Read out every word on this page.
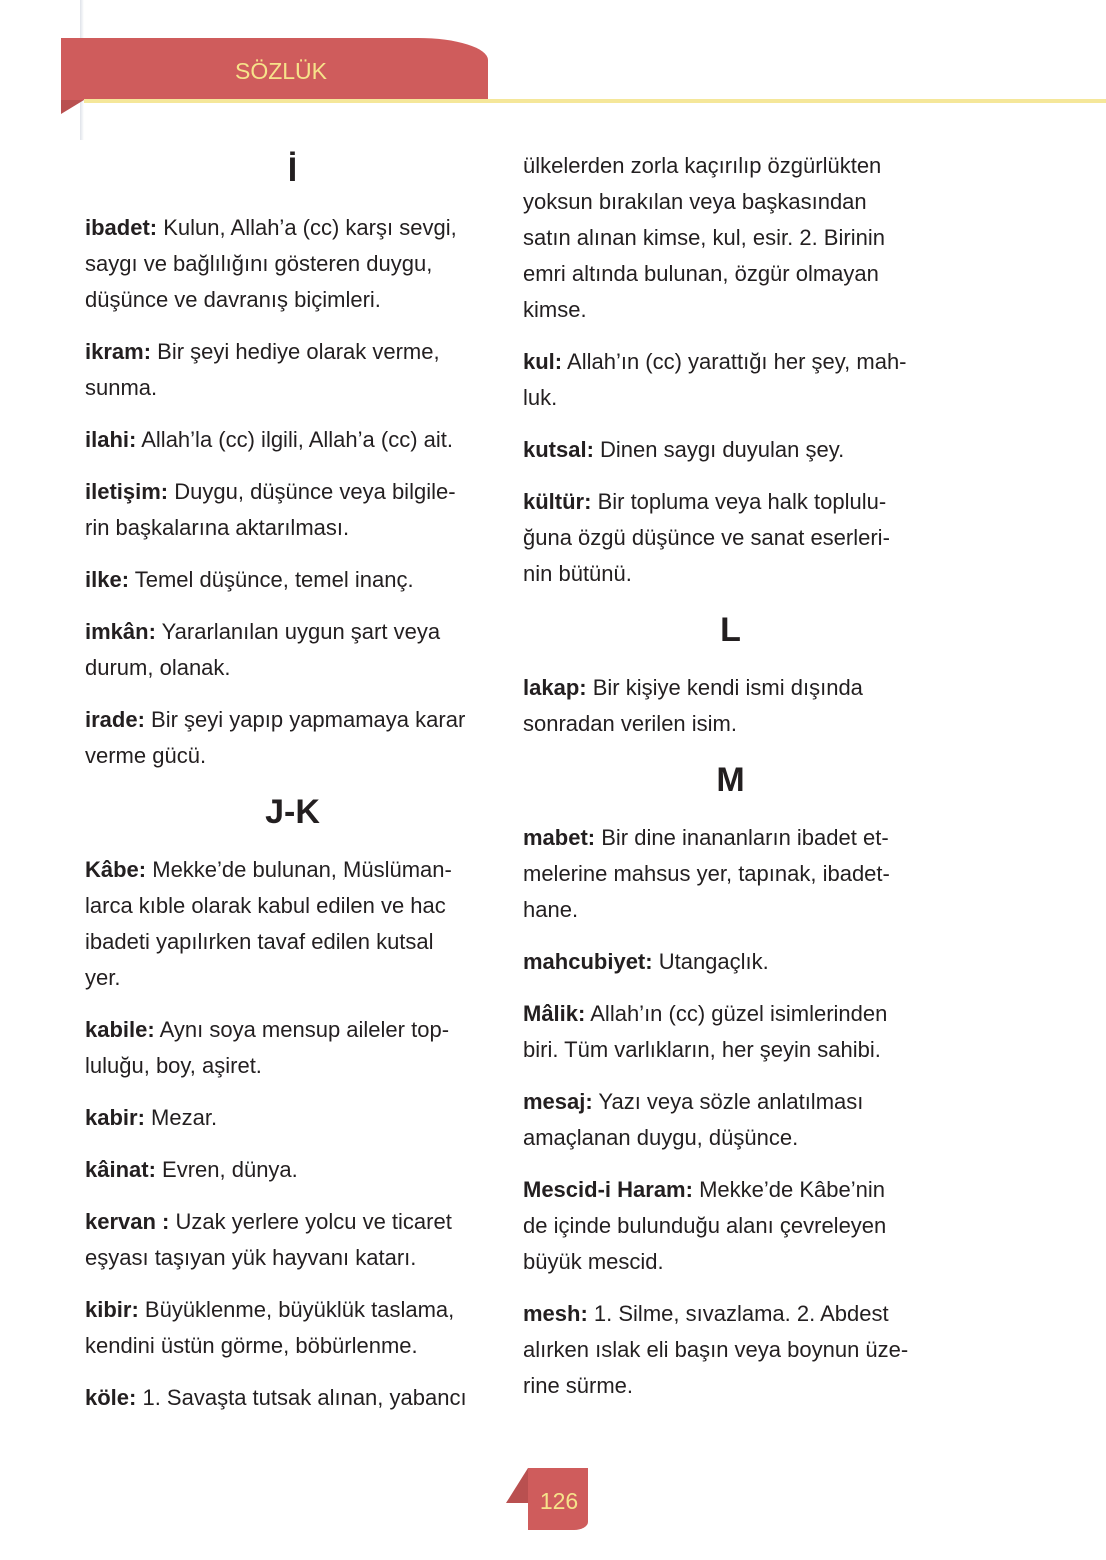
SÖZLÜK
İ
ibadet: Kulun, Allah’a (cc) karşı sevgi,
saygı ve bağlılığını gösteren duygu,
düşünce ve davranış biçimleri.
ikram: Bir şeyi hediye olarak verme,
sunma.
ilahi: Allah’la (cc) ilgili, Allah’a (cc) ait.
iletişim: Duygu, düşünce veya bilgile-
rin başkalarına aktarılması.
ilke: Temel düşünce, temel inanç.
imkân: Yararlanılan uygun şart veya
durum, olanak.
irade: Bir şeyi yapıp yapmamaya karar
verme gücü.
J-K
Kâbe: Mekke’de bulunan, Müslüman-
larca kıble olarak kabul edilen ve hac
ibadeti yapılırken tavaf edilen kutsal
yer.
kabile: Aynı soya mensup aileler top-
luluğu, boy, aşiret.
kabir: Mezar.
kâinat: Evren, dünya.
kervan : Uzak yerlere yolcu ve ticaret
eşyası taşıyan yük hayvanı katarı.
kibir: Büyüklenme, büyüklük taslama,
kendini üstün görme, böbürlenme.
köle: 1. Savaşta tutsak alınan, yabancı
ülkelerden zorla kaçırılıp özgürlükten
yoksun bırakılan veya başkasından
satın alınan kimse, kul, esir. 2. Birinin
emri altında bulunan, özgür olmayan
kimse.
kul: Allah’ın (cc) yarattığı her şey, mah-
luk.
kutsal: Dinen saygı duyulan şey.
kültür: Bir topluma veya halk toplulu-
ğuna özgü düşünce ve sanat eserleri-
nin bütünü.
L
lakap: Bir kişiye kendi ismi dışında
sonradan verilen isim.
M
mabet: Bir dine inananların ibadet et-
melerine mahsus yer, tapınak, ibadet-
hane.
mahcubiyet: Utangaçlık.
Mâlik: Allah’ın (cc) güzel isimlerinden
biri. Tüm varlıkların, her şeyin sahibi.
mesaj: Yazı veya sözle anlatılması
amaçlanan duygu, düşünce.
Mescid-i Haram: Mekke’de Kâbe’nin
de içinde bulunduğu alanı çevreleyen
büyük mescid.
mesh: 1. Silme, sıvazlama. 2. Abdest
alırken ıslak eli başın veya boynun üze-
rine sürme.
126
